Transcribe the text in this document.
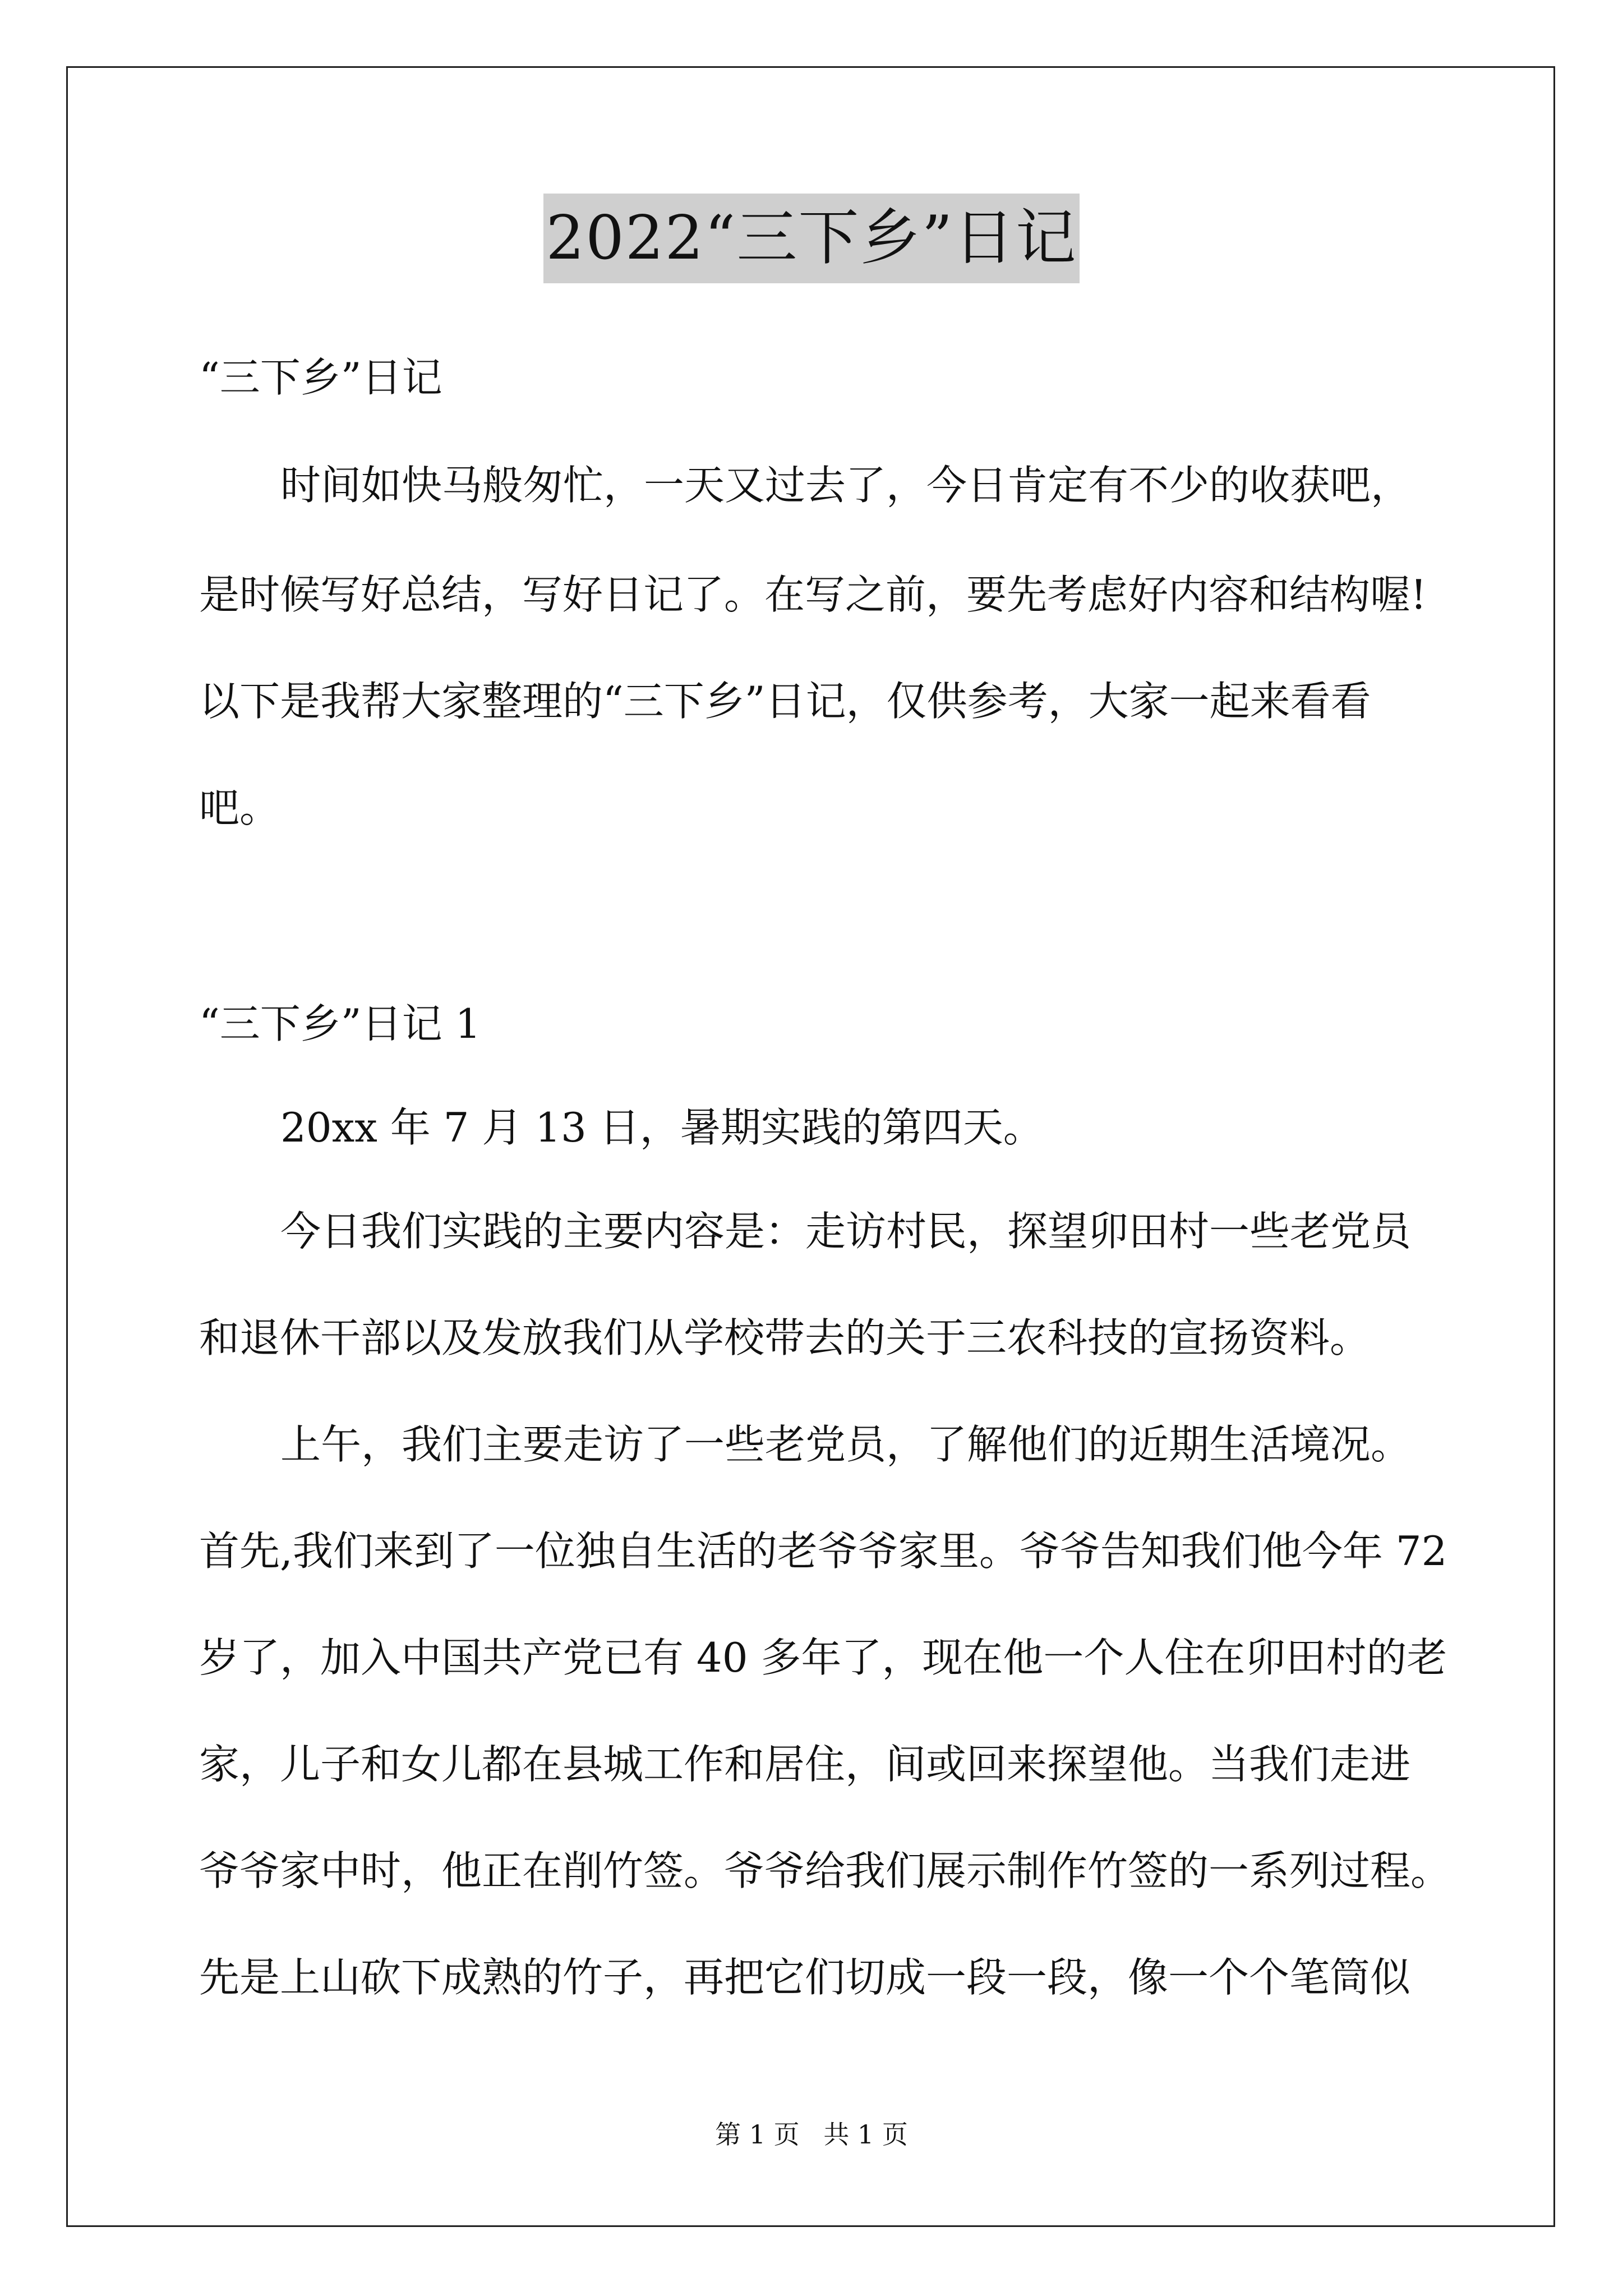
2022“三下乡”日记
“三下乡”日记
时间如快马般匆忙，一天又过去了，今日肯定有不少的收获吧，
是时候写好总结，写好日记了。在写之前，要先考虑好内容和结构喔!
以下是我帮大家整理的“三下乡”日记，仅供参考，大家一起来看看
吧。
“三下乡”日记 1
20xx 年 7 月 13 日，暑期实践的第四天。
今日我们实践的主要内容是：走访村民，探望卯田村一些老党员
和退休干部以及发放我们从学校带去的关于三农科技的宣扬资料。
上午，我们主要走访了一些老党员，了解他们的近期生活境况。
首先,我们来到了一位独自生活的老爷爷家里。爷爷告知我们他今年 72
岁了，加入中国共产党已有 40 多年了，现在他一个人住在卯田村的老
家，儿子和女儿都在县城工作和居住，间或回来探望他。当我们走进
爷爷家中时，他正在削竹签。爷爷给我们展示制作竹签的一系列过程。
先是上山砍下成熟的竹子，再把它们切成一段一段，像一个个笔筒似
第 1 页 共 1 页
